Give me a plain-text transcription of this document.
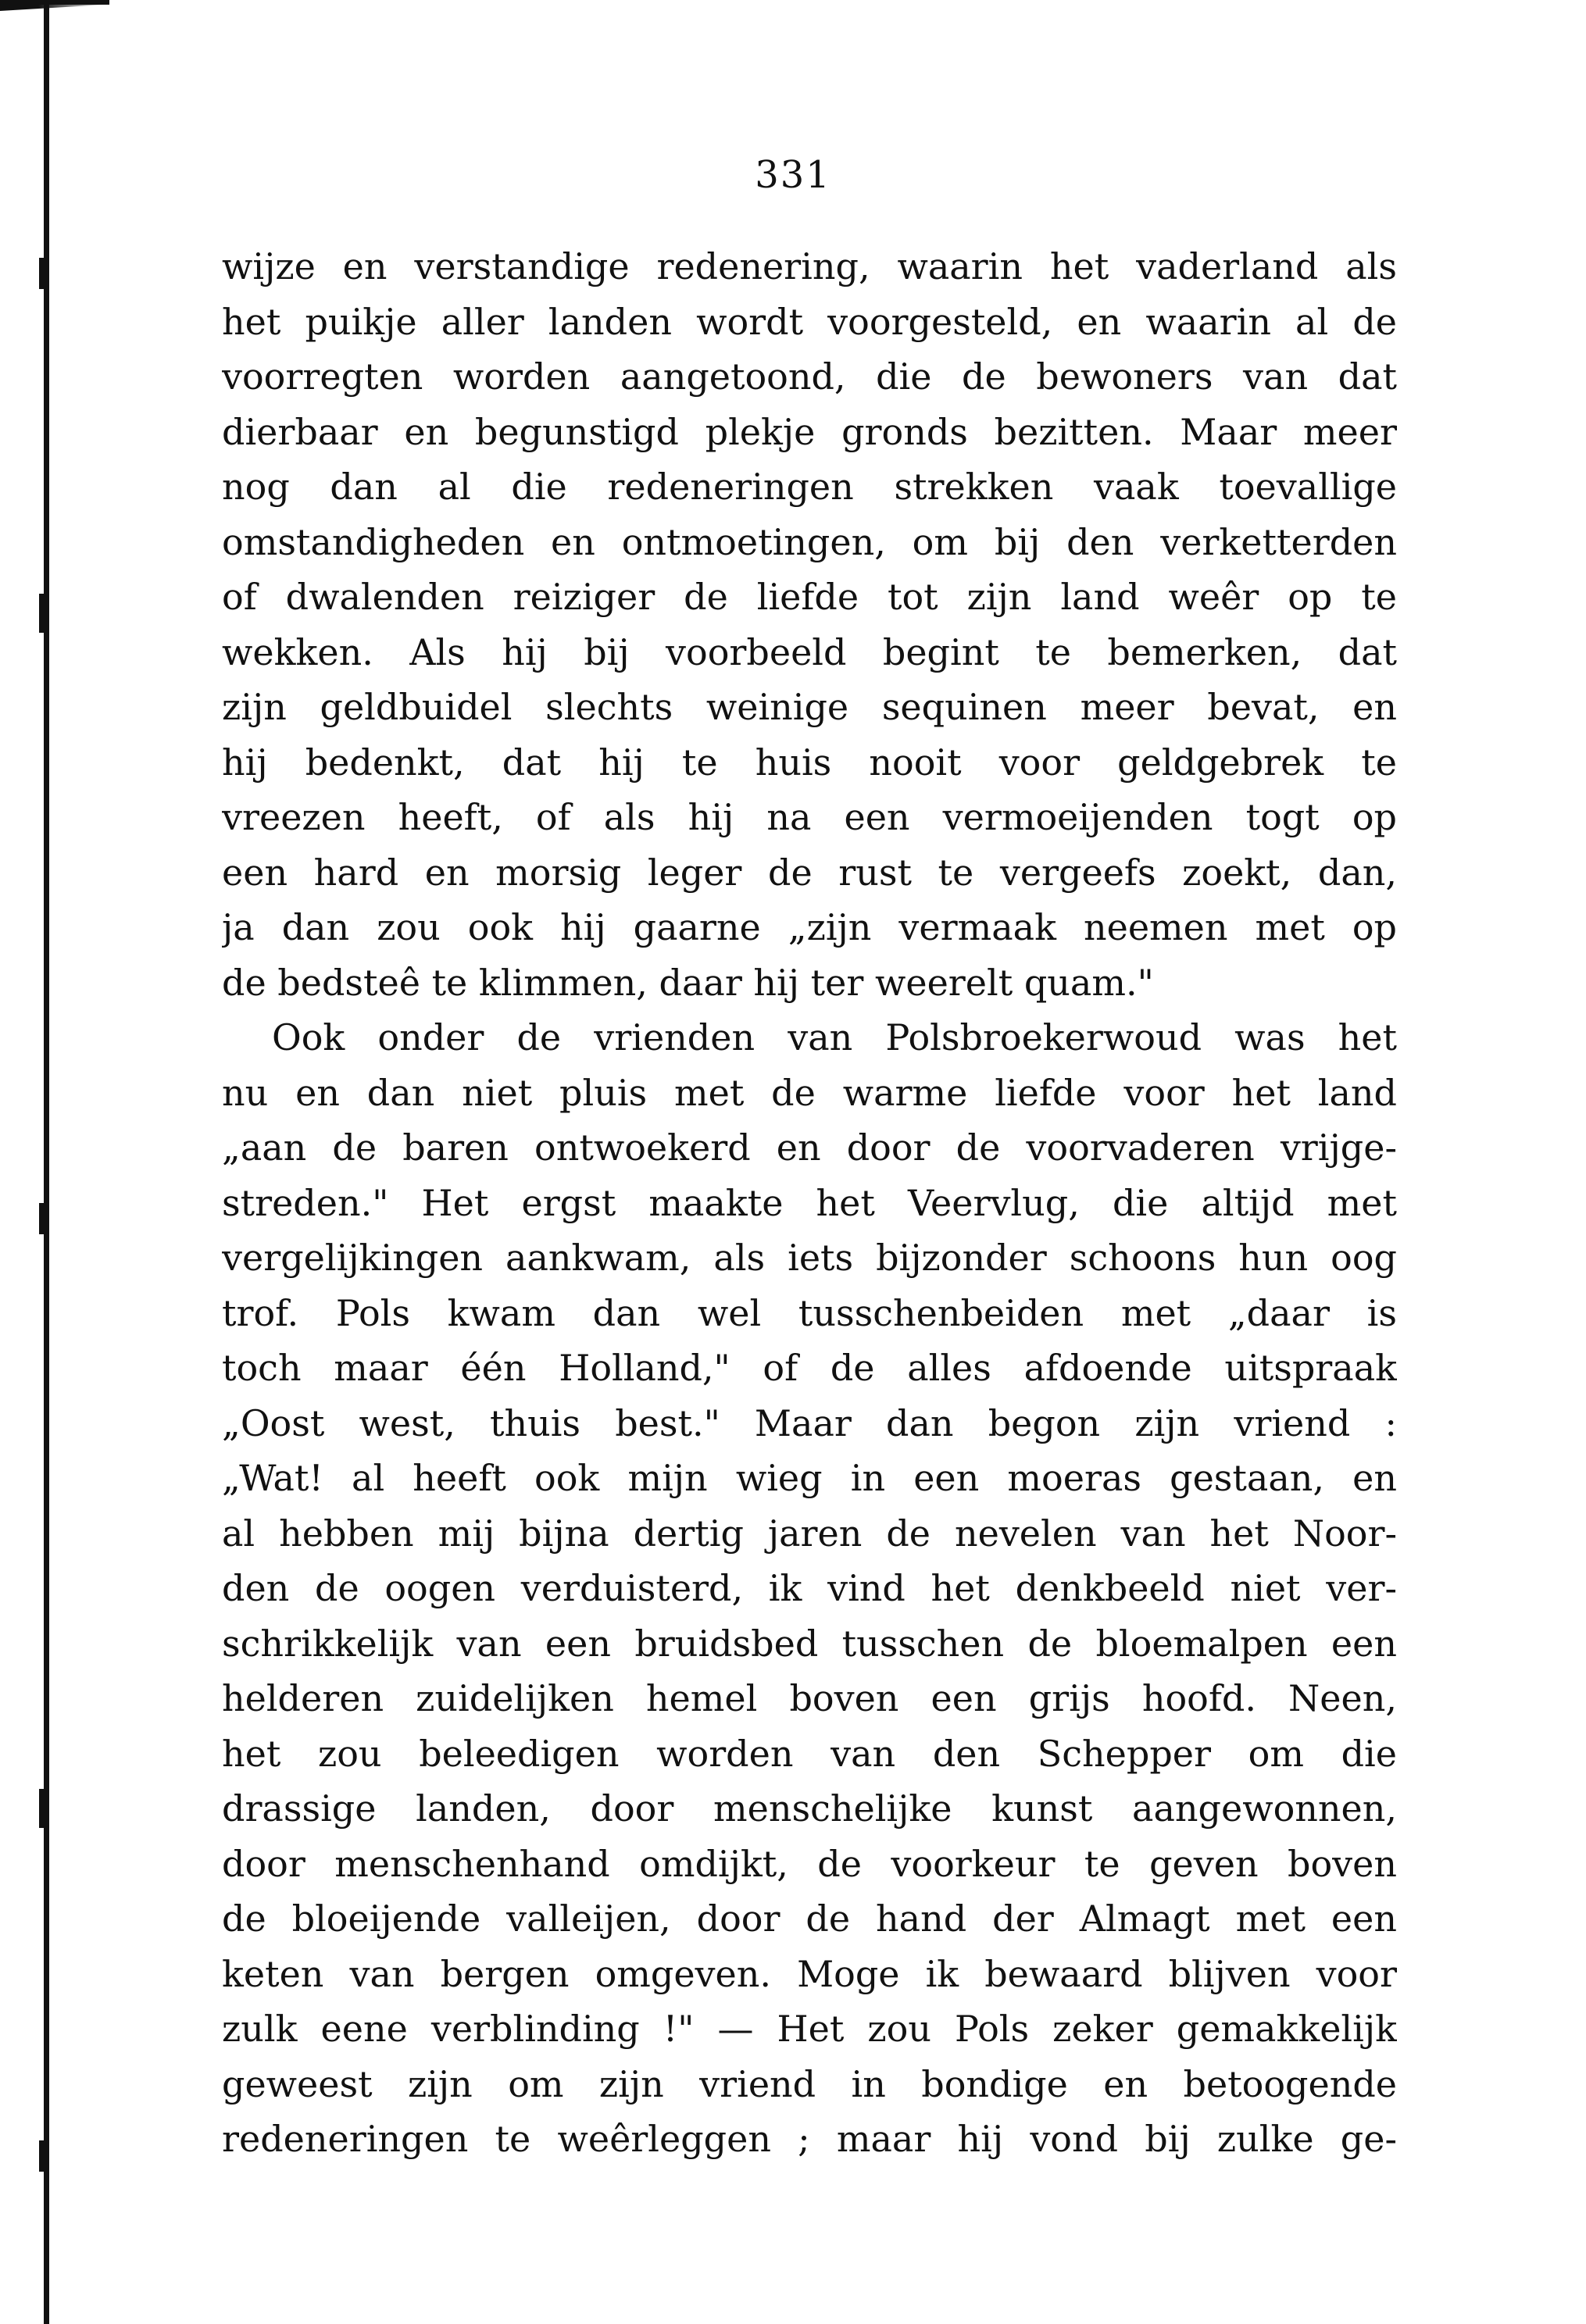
331
wijze en verstandige redenering, waarin het vaderland als
het puikje aller landen wordt voorgesteld, en waarin al de
voorregten worden aangetoond, die de bewoners van dat
dierbaar en begunstigd plekje gronds bezitten. Maar meer
nog dan al die redeneringen strekken vaak toevallige
omstandigheden en ontmoetingen, om bij den verketterden
of dwalenden reiziger de liefde tot zijn land weêr op te
wekken. Als hij bij voorbeeld begint te bemerken, dat
zijn geldbuidel slechts weinige sequinen meer bevat, en
hij bedenkt, dat hij te huis nooit voor geldgebrek te
vreezen heeft, of als hij na een vermoeijenden togt op
een hard en morsig leger de rust te vergeefs zoekt, dan,
ja dan zou ook hij gaarne „zijn vermaak neemen met op
de bedsteê te klimmen, daar hij ter weerelt quam."
Ook onder de vrienden van Polsbroekerwoud was het
nu en dan niet pluis met de warme liefde voor het land
„aan de baren ontwoekerd en door de voorvaderen vrijge-
streden." Het ergst maakte het Veervlug, die altijd met
vergelijkingen aankwam, als iets bijzonder schoons hun oog
trof. Pols kwam dan wel tusschenbeiden met „daar is
toch maar één Holland," of de alles afdoende uitspraak
„Oost west, thuis best." Maar dan begon zijn vriend :
„Wat! al heeft ook mijn wieg in een moeras gestaan, en
al hebben mij bijna dertig jaren de nevelen van het Noor-
den de oogen verduisterd, ik vind het denkbeeld niet ver-
schrikkelijk van een bruidsbed tusschen de bloemalpen een
helderen zuidelijken hemel boven een grijs hoofd. Neen,
het zou beleedigen worden van den Schepper om die
drassige landen, door menschelijke kunst aangewonnen,
door menschenhand omdijkt, de voorkeur te geven boven
de bloeijende valleijen, door de hand der Almagt met een
keten van bergen omgeven. Moge ik bewaard blijven voor
zulk eene verblinding !" — Het zou Pols zeker gemakkelijk
geweest zijn om zijn vriend in bondige en betoogende
redeneringen te weêrleggen ; maar hij vond bij zulke ge-
